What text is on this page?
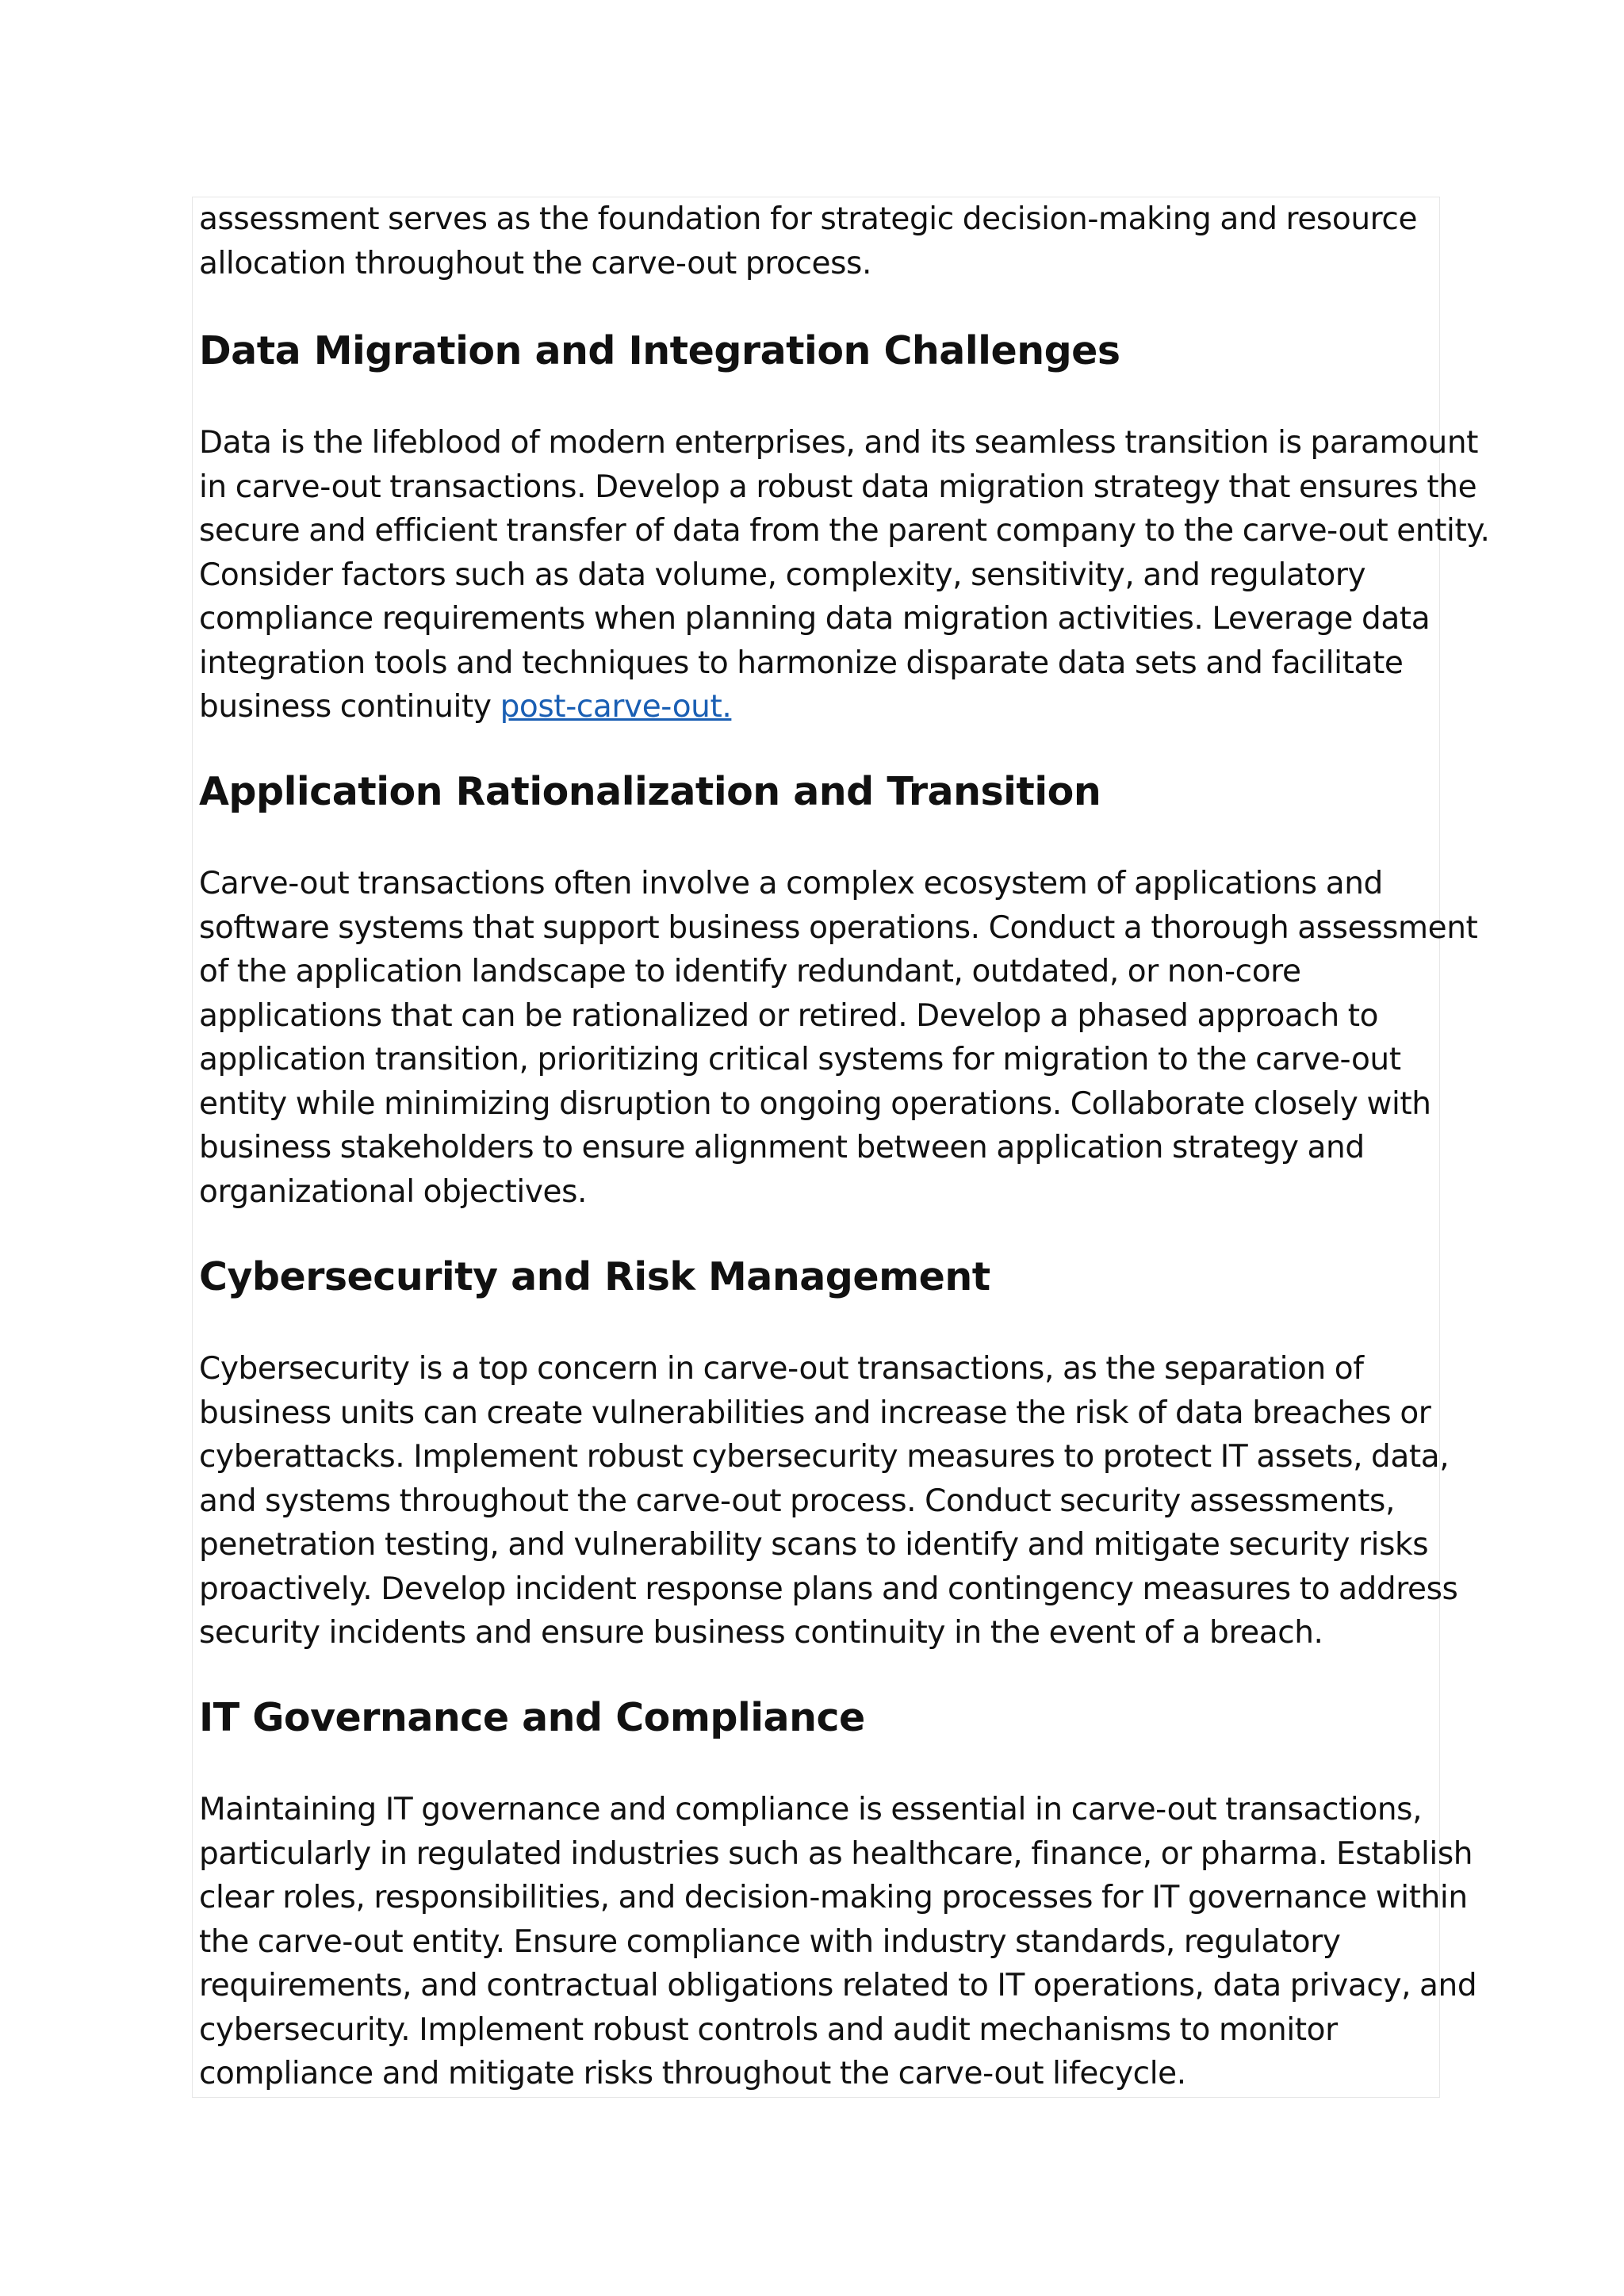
assessment serves as the foundation for strategic decision-making and resource
allocation throughout the carve-out process.

Data Migration and Integration Challenges

Data is the lifeblood of modern enterprises, and its seamless transition is paramount
in carve-out transactions. Develop a robust data migration strategy that ensures the
secure and efficient transfer of data from the parent company to the carve-out entity.
Consider factors such as data volume, complexity, sensitivity, and regulatory
compliance requirements when planning data migration activities. Leverage data
integration tools and techniques to harmonize disparate data sets and facilitate
business continuity post-carve-out.

Application Rationalization and Transition

Carve-out transactions often involve a complex ecosystem of applications and
software systems that support business operations. Conduct a thorough assessment
of the application landscape to identify redundant, outdated, or non-core
applications that can be rationalized or retired. Develop a phased approach to
application transition, prioritizing critical systems for migration to the carve-out
entity while minimizing disruption to ongoing operations. Collaborate closely with
business stakeholders to ensure alignment between application strategy and
organizational objectives.

Cybersecurity and Risk Management

Cybersecurity is a top concern in carve-out transactions, as the separation of
business units can create vulnerabilities and increase the risk of data breaches or
cyberattacks. Implement robust cybersecurity measures to protect IT assets, data,
and systems throughout the carve-out process. Conduct security assessments,
penetration testing, and vulnerability scans to identify and mitigate security risks
proactively. Develop incident response plans and contingency measures to address
security incidents and ensure business continuity in the event of a breach.

IT Governance and Compliance

Maintaining IT governance and compliance is essential in carve-out transactions,
particularly in regulated industries such as healthcare, finance, or pharma. Establish
clear roles, responsibilities, and decision-making processes for IT governance within
the carve-out entity. Ensure compliance with industry standards, regulatory
requirements, and contractual obligations related to IT operations, data privacy, and
cybersecurity. Implement robust controls and audit mechanisms to monitor
compliance and mitigate risks throughout the carve-out lifecycle.
